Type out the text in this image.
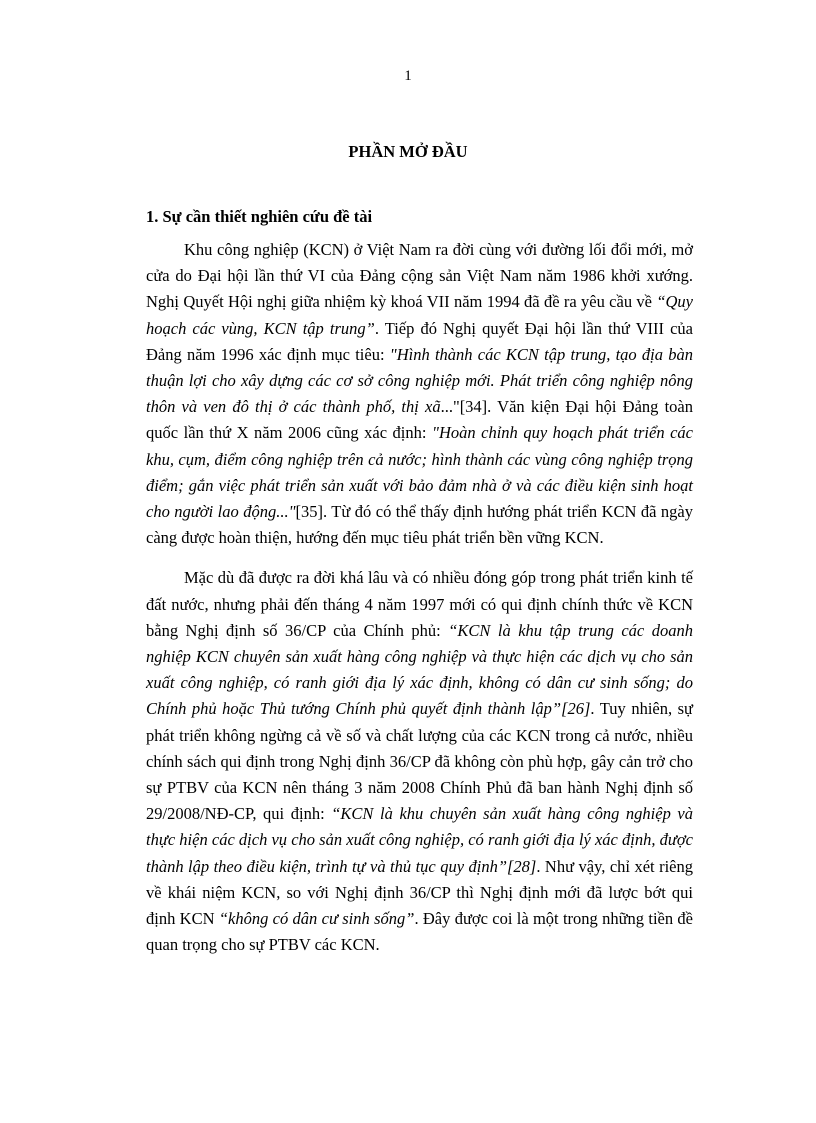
1
PHẦN MỞ ĐẦU
1. Sự cần thiết nghiên cứu đề tài

Khu công nghiệp (KCN) ở Việt Nam ra đời cùng với đường lối đổi mới, mở cửa do Đại hội lần thứ VI của Đảng cộng sản Việt Nam năm 1986 khởi xướng. Nghị Quyết Hội nghị giữa nhiệm kỳ khoá VII năm 1994 đã đề ra yêu cầu về “Quy hoạch các vùng, KCN tập trung”. Tiếp đó Nghị quyết Đại hội lần thứ VIII của Đảng năm 1996 xác định mục tiêu: "Hình thành các KCN tập trung, tạo địa bàn thuận lợi cho xây dựng các cơ sở công nghiệp mới. Phát triển công nghiệp nông thôn và ven đô thị ở các thành phố, thị xã..."[34]. Văn kiện Đại hội Đảng toàn quốc lần thứ X năm 2006 cũng xác định: "Hoàn chỉnh quy hoạch phát triển các khu, cụm, điểm công nghiệp trên cả nước; hình thành các vùng công nghiệp trọng điểm; gắn việc phát triển sản xuất với bảo đảm nhà ở và các điều kiện sinh hoạt cho người lao động..."[35]. Từ đó có thể thấy định hướng phát triển KCN đã ngày càng được hoàn thiện, hướng đến mục tiêu phát triển bền vững KCN.

Mặc dù đã được ra đời khá lâu và có nhiều đóng góp trong phát triển kinh tế đất nước, nhưng phải đến tháng 4 năm 1997 mới có qui định chính thức về KCN bằng Nghị định số 36/CP của Chính phủ: “KCN là khu tập trung các doanh nghiệp KCN chuyên sản xuất hàng công nghiệp và thực hiện các dịch vụ cho sản xuất công nghiệp, có ranh giới địa lý xác định, không có dân cư sinh sống; do Chính phủ hoặc Thủ tướng Chính phủ quyết định thành lập”[26]. Tuy nhiên, sự phát triển không ngừng cả về số và chất lượng của các KCN trong cả nước, nhiều chính sách qui định trong Nghị định 36/CP đã không còn phù hợp, gây cản trở cho sự PTBV của KCN nên tháng 3 năm 2008 Chính Phủ đã ban hành Nghị định số 29/2008/NĐ-CP, qui định: “KCN là khu chuyên sản xuất hàng công nghiệp và thực hiện các dịch vụ cho sản xuất công nghiệp, có ranh giới địa lý xác định, được thành lập theo điều kiện, trình tự và thủ tục quy định”[28]. Như vậy, chỉ xét riêng về khái niệm KCN, so với Nghị định 36/CP thì Nghị định mới đã lược bớt qui định KCN “không có dân cư sinh sống”. Đây được coi là một trong những tiền đề quan trọng cho sự PTBV các KCN.
